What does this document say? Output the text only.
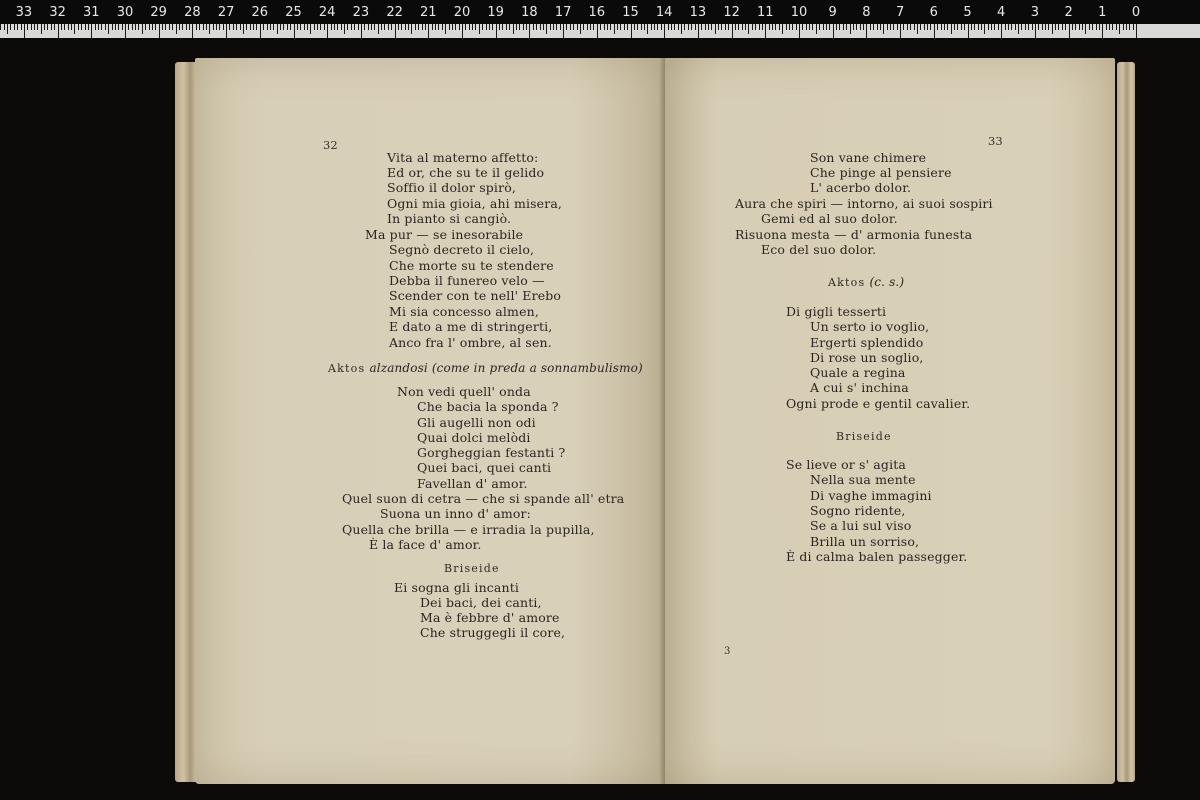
33 32 31 30 29 28 27 26 25 24 23 22 21 20 19 18 17 16 15 14 13 12 11 10 9 8 7 6 5 4 3 2 1 0
32
Vita al materno affetto:
Ed or, che su te il gelido
Soffio il dolor spirò,
Ogni mia gioia, ahi misera,
In pianto si cangiò.
Ma pur — se inesorabile
Segnò decreto il cielo,
Che morte su te stendere
Debba il funereo velo —
Scender con te nell' Erebo
Mi sia concesso almen,
E dato a me di stringerti,
Anco fra l' ombre, al sen.
Aktos alzandosi (come in preda a sonnambulismo)
Non vedi quell' onda
Che bacia la sponda ?
Gli augelli non odi
Quai dolci melòdi
Gorgheggian festanti ?
Quei baci, quei canti
Favellan d' amor.
Quel suon di cetra — che si spande all' etra
Suona un inno d' amor:
Quella che brilla — e irradia la pupilla,
È la face d' amor.
Briseide
Ei sogna gli incanti
Dei baci, dei canti,
Ma è febbre d' amore
Che struggegli il core,
33
Son vane chimere
Che pinge al pensiere
L' acerbo dolor.
Aura che spiri — intorno, ai suoi sospiri
Gemi ed al suo dolor.
Risuona mesta — d' armonia funesta
Eco del suo dolor.
Aktos (c. s.)
Di gigli tesserti
Un serto io voglio,
Ergerti splendido
Di rose un soglio,
Quale a regina
A cui s' inchina
Ogni prode e gentil cavalier.
Briseide
Se lieve or s' agita
Nella sua mente
Di vaghe immagini
Sogno ridente,
Se a lui sul viso
Brilla un sorriso,
È di calma balen passegger.
3
